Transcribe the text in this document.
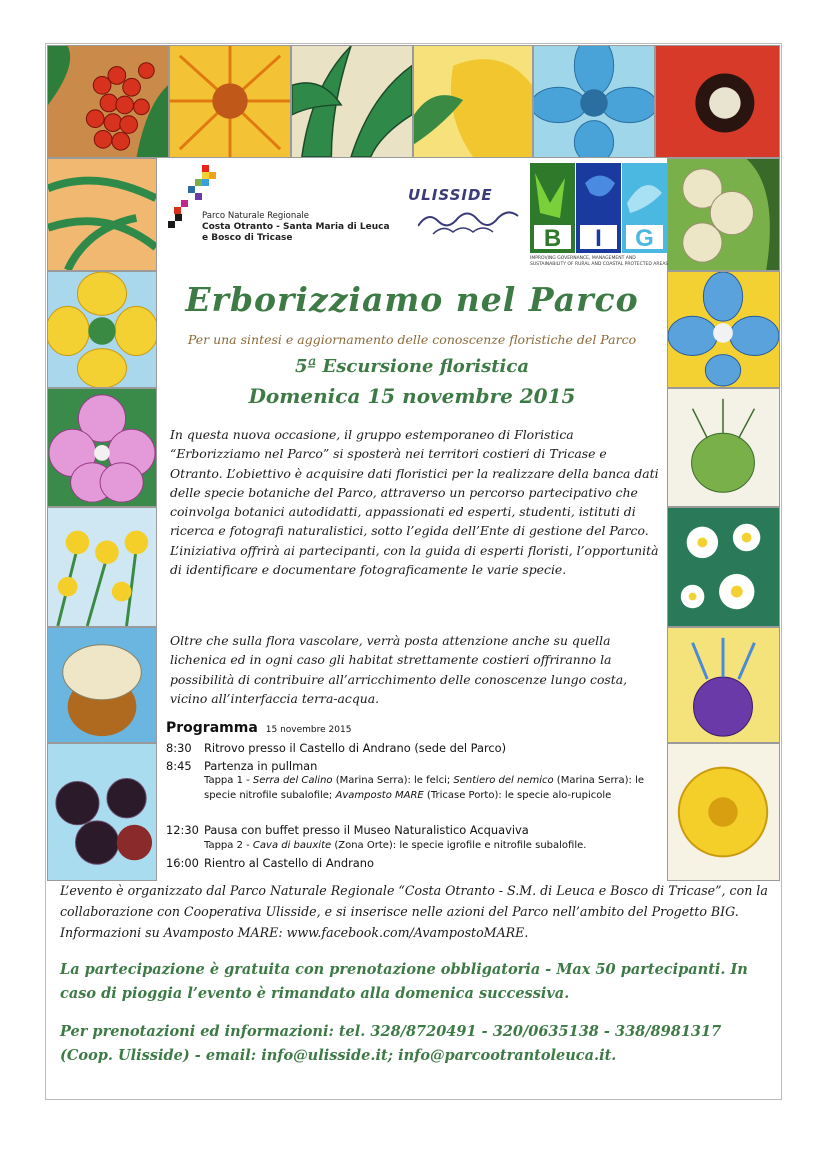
Parco Naturale Regionale
Costa Otranto - Santa Maria di Leuca
e Bosco di Tricase
ULISSIDE
B I G
IMPROVING GOVERNANCE, MANAGEMENT AND SUSTAINABILITY OF RURAL AND COASTAL PROTECTED AREAS
Erborizziamo nel Parco
Per una sintesi e aggiornamento delle conoscenze floristiche del Parco
5ª Escursione floristica
Domenica 15 novembre 2015
In questa nuova occasione, il gruppo estemporaneo di Floristica “Erborizziamo nel Parco” si sposterà nei territori costieri di Tricase e Otranto. L’obiettivo è acquisire dati floristici per la realizzare della banca dati delle specie botaniche del Parco, attraverso un percorso partecipativo che coinvolga botanici autodidatti, appassionati ed esperti, studenti, istituti di ricerca e fotografi naturalistici, sotto l’egida dell’Ente di gestione del Parco. L’iniziativa offrirà ai partecipanti, con la guida di esperti floristi, l’opportunità di identificare e documentare fotograficamente le varie specie.
Oltre che sulla flora vascolare, verrà posta attenzione anche su quella lichenica ed in ogni caso gli habitat strettamente costieri offriranno la possibilità di contribuire all’arricchimento delle conoscenze lungo costa, vicino all’interfaccia terra-acqua.
Programma 15 novembre 2015
8:30 Ritrovo presso il Castello di Andrano (sede del Parco)
8:45 Partenza in pullman
Tappa 1 - Serra del Calino (Marina Serra): le felci; Sentiero del nemico (Marina Serra): le specie nitrofile subalofile; Avamposto MARE (Tricase Porto): le specie alo-rupicole
12:30 Pausa con buffet presso il Museo Naturalistico Acquaviva
Tappa 2 - Cava di bauxite (Zona Orte): le specie igrofile e nitrofile subalofile.
16:00 Rientro al Castello di Andrano
L’evento è organizzato dal Parco Naturale Regionale “Costa Otranto - S.M. di Leuca e Bosco di Tricase”, con la collaborazione con Cooperativa Ulisside, e si inserisce nelle azioni del Parco nell’ambito del Progetto BIG. Informazioni su Avamposto MARE: www.facebook.com/AvampostoMARE.
La partecipazione è gratuita con prenotazione obbligatoria - Max 50 partecipanti. In caso di pioggia l’evento è rimandato alla domenica successiva.
Per prenotazioni ed informazioni: tel. 328/8720491 - 320/0635138 - 338/8981317 (Coop. Ulisside) - email: info@ulisside.it; info@parcootrantoleuca.it.
